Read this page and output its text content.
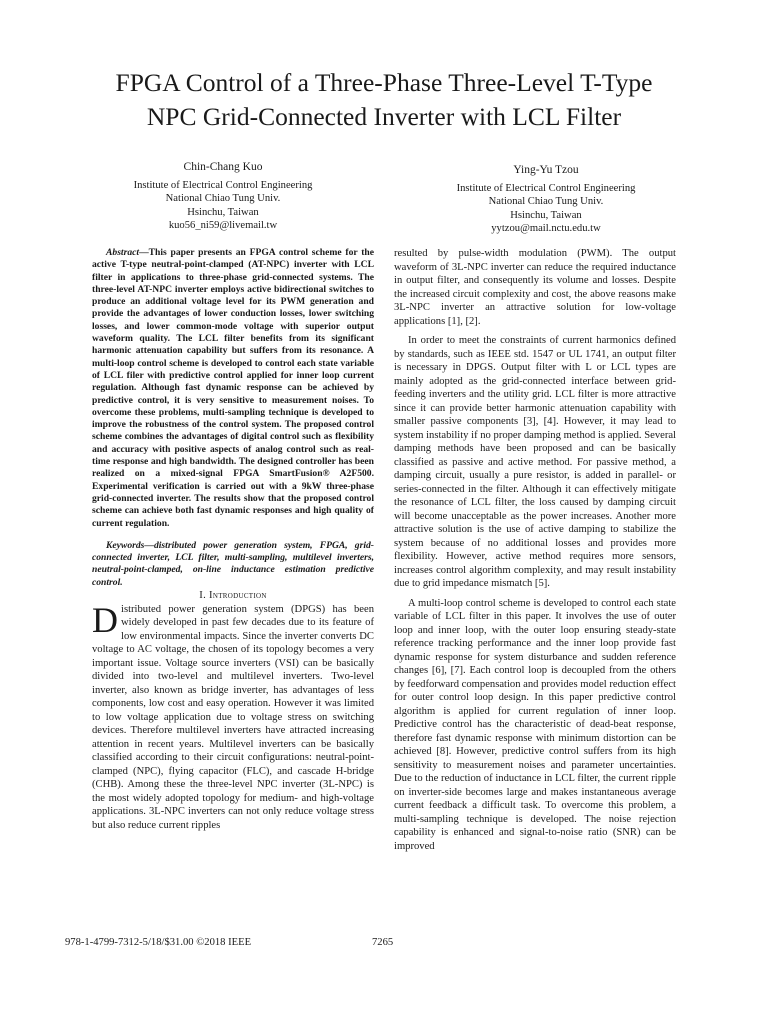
FPGA Control of a Three-Phase Three-Level T-Type
NPC Grid-Connected Inverter with LCL Filter
Chin-Chang Kuo
Institute of Electrical Control Engineering
National Chiao Tung Univ.
Hsinchu, Taiwan
kuo56_ni59@livemail.tw
Ying-Yu Tzou
Institute of Electrical Control Engineering
National Chiao Tung Univ.
Hsinchu, Taiwan
yytzou@mail.nctu.edu.tw

Abstract—This paper presents an FPGA control scheme for the active T-type neutral-point-clamped (AT-NPC) inverter with LCL filter in applications to three-phase grid-connected systems. The three-level AT-NPC inverter employs active bidirectional switches to produce an additional voltage level for its PWM generation and provide the advantages of lower conduction losses, lower switching losses, and lower common-mode voltage with superior output waveform quality. The LCL filter benefits from its significant harmonic attenuation capability but suffers from its resonance. A multi-loop control scheme is developed to control each state variable of LCL filer with predictive control applied for inner loop current regulation. Although fast dynamic response can be achieved by predictive control, it is very sensitive to measurement noises. To overcome these problems, multi-sampling technique is developed to improve the robustness of the control system. The proposed control scheme combines the advantages of digital control such as flexibility and accuracy with positive aspects of analog control such as real-time response and high bandwidth. The designed controller has been realized on a mixed-signal FPGA SmartFusion® A2F500. Experimental verification is carried out with a 9kW three-phase grid-connected inverter. The results show that the proposed control scheme can achieve both fast dynamic responses and high quality of current regulation.

Keywords—distributed power generation system, FPGA, grid-connected inverter, LCL filter, multi-sampling, multilevel inverters, neutral-point-clamped, on-line inductance estimation predictive control.

I. Introduction

Distributed power generation system (DPGS) has been widely developed in past few decades due to its feature of low environmental impacts. Since the inverter converts DC voltage to AC voltage, the chosen of its topology becomes a very important issue. Voltage source inverters (VSI) can be basically divided into two-level and multilevel inverters. Two-level inverter, also known as bridge inverter, has advantages of less components, low cost and easy operation. However it was limited to low voltage application due to voltage stress on switching devices. Therefore multilevel inverters have attracted increasing attention in recent years. Multilevel inverters can be basically classified according to their circuit configurations: neutral-point-clamped (NPC), flying capacitor (FLC), and cascade H-bridge (CHB). Among these the three-level NPC inverter (3L-NPC) is the most widely adopted topology for medium- and high-voltage applications. 3L-NPC inverters can not only reduce voltage stress but also reduce current ripples

resulted by pulse-width modulation (PWM). The output waveform of 3L-NPC inverter can reduce the required inductance in output filter, and consequently its volume and losses. Despite the increased circuit complexity and cost, the above reasons make 3L-NPC inverter an attractive solution for low-voltage applications [1], [2].

In order to meet the constraints of current harmonics defined by standards, such as IEEE std. 1547 or UL 1741, an output filter is necessary in DPGS. Output filter with L or LCL types are mainly adopted as the grid-connected interface between grid-feeding inverters and the utility grid. LCL filter is more attractive since it can provide better harmonic attenuation capability with smaller passive components [3], [4]. However, it may lead to system instability if no proper damping method is applied. Several damping methods have been proposed and can be basically classified as passive and active method. For passive method, a damping circuit, usually a pure resistor, is added in parallel- or series-connected in the filter. Although it can effectively mitigate the resonance of LCL filter, the loss caused by damping circuit will become unacceptable as the power increases. Another more attractive solution is the use of active damping to stabilize the system because of no additional losses and provides more flexibility. However, active method requires more sensors, increases control algorithm complexity, and may result instability due to grid impedance mismatch [5].

A multi-loop control scheme is developed to control each state variable of LCL filter in this paper. It involves the use of outer loop and inner loop, with the outer loop ensuring steady-state reference tracking performance and the inner loop provide fast dynamic response for system disturbance and sudden reference changes [6], [7]. Each control loop is decoupled from the others by feedforward compensation and provides model reduction effect for outer control loop design. In this paper predictive control algorithm is applied for current regulation of inner loop. Predictive control has the characteristic of dead-beat response, therefore fast dynamic response with minimum distortion can be achieved [8]. However, predictive control suffers from its high sensitivity to measurement noises and parameter uncertainties. Due to the reduction of inductance in LCL filter, the current ripple on inverter-side becomes large and makes instantaneous average current feedback a difficult task. To overcome this problem, a multi-sampling technique is developed. The noise rejection capability is enhanced and signal-to-noise ratio (SNR) can be improved

978-1-4799-7312-5/18/$31.00 ©2018 IEEE	7265
